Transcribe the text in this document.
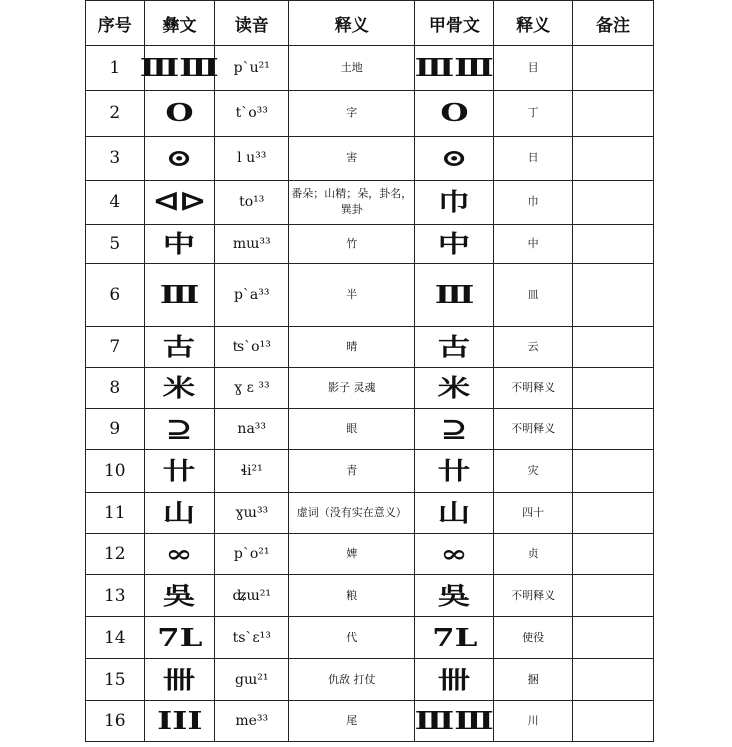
序号	彝文	读音	释义	甲骨文	释义	备注
1	ⅢⅢ	p`u²¹	土地	ⅢⅢ	目	
2	O	t`o³³	字	O	丁	
3	⊙	l u³³	害	⊙	日	
4	ᐊᐅ	to¹³	番朵；山精；朵，卦名，巽卦	巾	巾	
5	中	mɯ³³	竹	中	中	
6	Ⅲ	p`a³³	半	Ⅲ	皿	
7	古	ʦ`o¹³	晴	古	云	
8	米	ɣ ɛ ³³	影子 灵魂	米	不明释义	
9	⊇	na³³	眼	⊇	不明释义	
10	卄	ɬi²¹	青	卄	灾	
11	山	ɣɯ³³	虚词（没有实在意义）	山	四十	
12	∞	p`o²¹	婢	∞	贞	
13	吳	ʥɯ²¹	粮	吳	不明释义	
14	7L	ts`ɛ¹³	代	7L	使役	
15	卌	gɯ²¹	仇敌 打仗	卌	捆	
16	ⅠⅠⅠ	me³³	尾	ⅢⅢ	川	
